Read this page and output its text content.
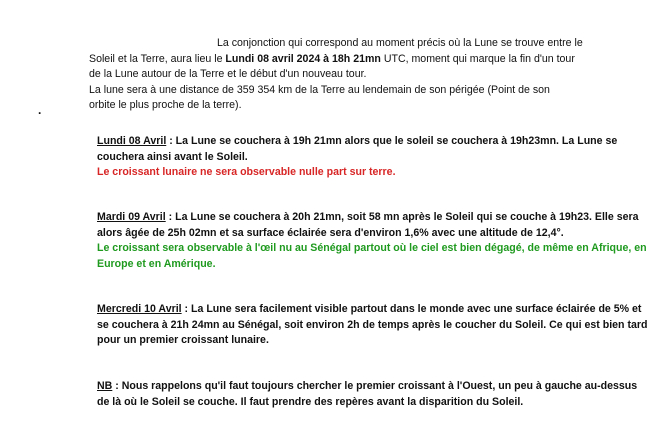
La conjonction qui correspond au moment précis où la Lune se trouve entre le
Soleil et la Terre, aura lieu le Lundi 08 avril 2024 à 18h 21mn UTC, moment qui marque la fin d'un tour
de la Lune autour de la Terre et le début d'un nouveau tour.
La lune sera à une distance de 359 354 km de la Terre au lendemain de son périgée (Point de son
orbite le plus proche de la terre).
.
Lundi 08 Avril : La Lune se couchera à 19h 21mn alors que le soleil se couchera à 19h23mn. La Lune se couchera ainsi avant le Soleil.
Le croissant lunaire ne sera observable nulle part sur terre.
Mardi 09 Avril : La Lune se couchera à 20h 21mn, soit 58 mn après le Soleil qui se couche à 19h23. Elle sera alors âgée de 25h 02mn et sa surface éclairée sera d'environ 1,6% avec une altitude de 12,4°.
Le croissant sera observable à l'œil nu au Sénégal partout où le ciel est bien dégagé, de même en Afrique, en Europe et en Amérique.
Mercredi 10 Avril : La Lune sera facilement visible partout dans le monde avec une surface éclairée de 5% et se couchera à 21h 24mn au Sénégal, soit environ 2h de temps après le coucher du Soleil. Ce qui est bien tard pour un premier croissant lunaire.
NB : Nous rappelons qu'il faut toujours chercher le premier croissant à l'Ouest, un peu à gauche au-dessus de là où le Soleil se couche. Il faut prendre des repères avant la disparition du Soleil.
